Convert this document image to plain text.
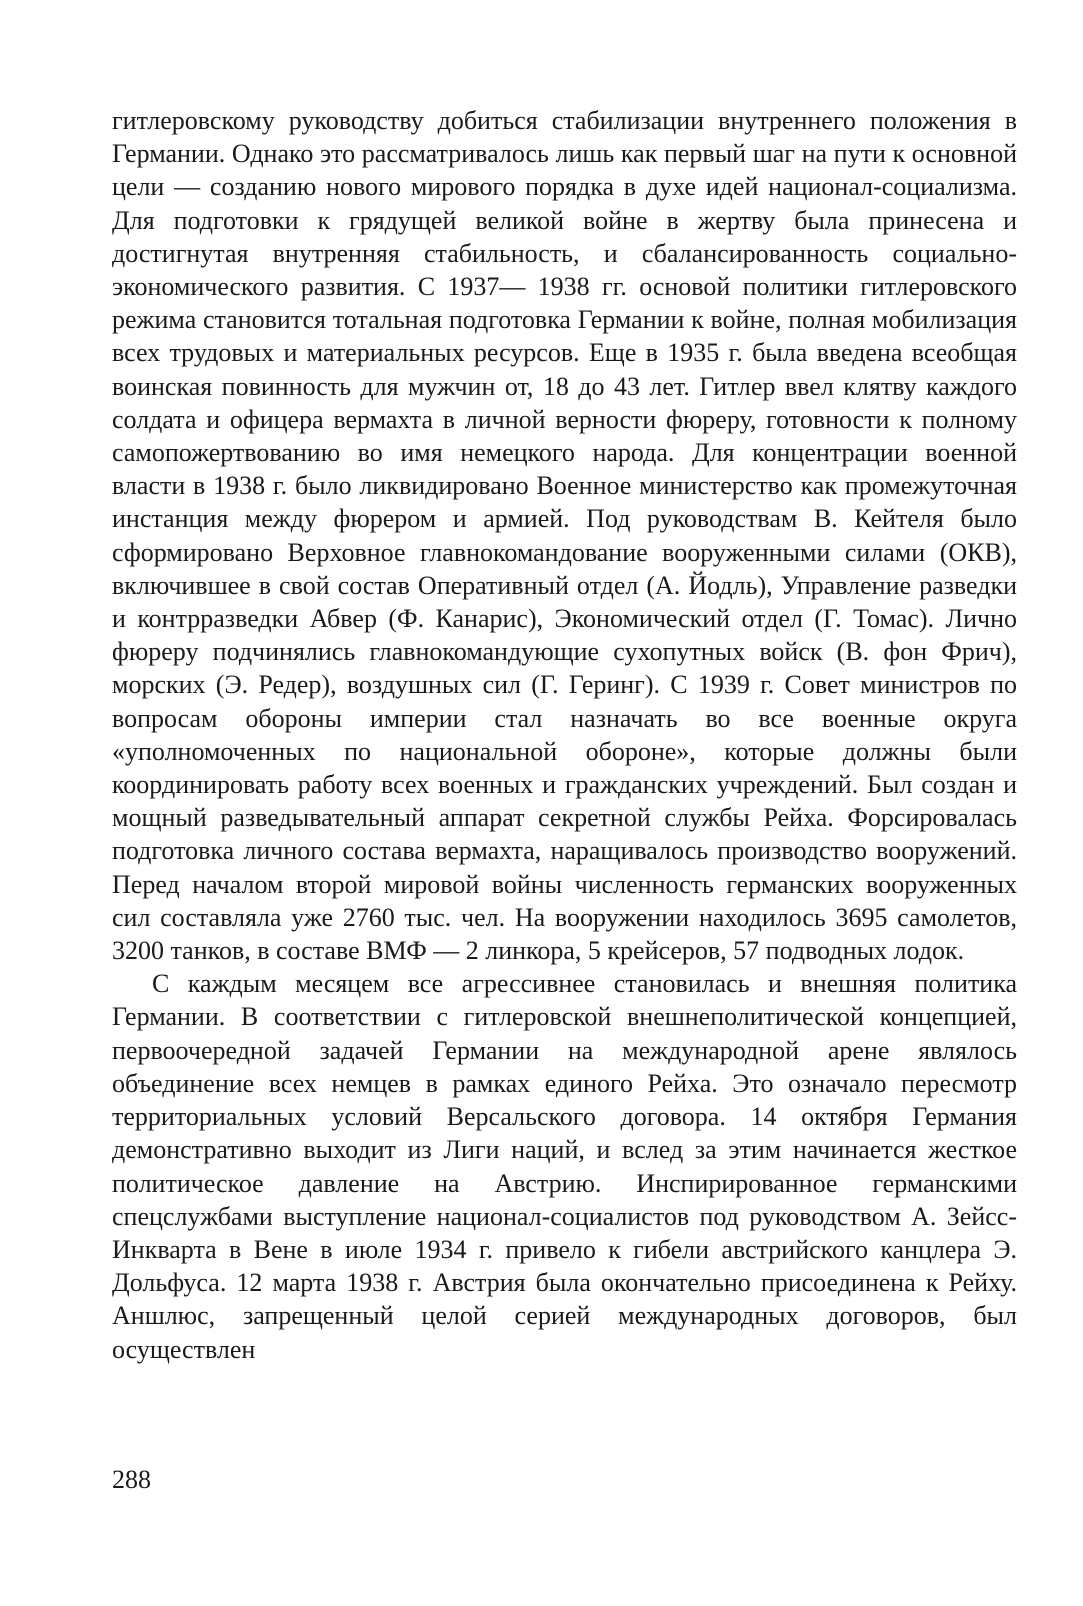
гитлеровскому руководству добиться стабилизации внутреннего положения в Германии. Однако это рассматривалось лишь как первый шаг на пути к основной цели — созданию нового мирового порядка в духе идей национал-социализма. Для подготовки к грядущей великой войне в жертву была принесена и достигнутая внутренняя стабильность, и сбалансированность социально-экономического развития. С 1937— 1938 гг. основой политики гитлеровского режима становится тотальная подготовка Германии к войне, полная мобилизация всех трудовых и материальных ресурсов. Еще в 1935 г. была введена всеобщая воинская повинность для мужчин от, 18 до 43 лет. Гитлер ввел клятву каждого солдата и офицера вермахта в личной верности фюреру, готовности к полному самопожертвованию во имя немецкого народа. Для концентрации военной власти в 1938 г. было ликвидировано Военное министерство как промежуточная инстанция между фюрером и армией. Под руководствам В. Кейтеля было сформировано Верховное главнокомандование вооруженными силами (ОКВ), включившее в свой состав Оперативный отдел (А. Йодль), Управление разведки и контрразведки Абвер (Ф. Канарис), Экономический отдел (Г. Томас). Лично фюреру подчинялись главнокомандующие сухопутных войск (В. фон Фрич), морских (Э. Редер), воздушных сил (Г. Геринг). С 1939 г. Совет министров по вопросам обороны империи стал назначать во все военные округа «уполномоченных по национальной обороне», которые должны были координировать работу всех военных и гражданских учреждений. Был создан и мощный разведывательный аппарат секретной службы Рейха. Форсировалась подготовка личного состава вермахта, наращивалось производство вооружений. Перед началом второй мировой войны численность германских вооруженных сил составляла уже 2760 тыс. чел. На вооружении находилось 3695 самолетов, 3200 танков, в составе ВМФ — 2 линкора, 5 крейсеров, 57 подводных лодок.

С каждым месяцем все агрессивнее становилась и внешняя политика Германии. В соответствии с гитлеровской внешнеполитической концепцией, первоочередной задачей Германии на международной арене являлось объединение всех немцев в рамках единого Рейха. Это означало пересмотр территориальных условий Версальского договора. 14 октября Германия демонстративно выходит из Лиги наций, и вслед за этим начинается жесткое политическое давление на Австрию. Инспирированное германскими спецслужбами выступление национал-социалистов под руководством А. Зейсс-Инкварта в Вене в июле 1934 г. привело к гибели австрийского канцлера Э. Дольфуса. 12 марта 1938 г. Австрия была окончательно присоединена к Рейху. Аншлюс, запрещенный целой серией международных договоров, был осуществлен

288
